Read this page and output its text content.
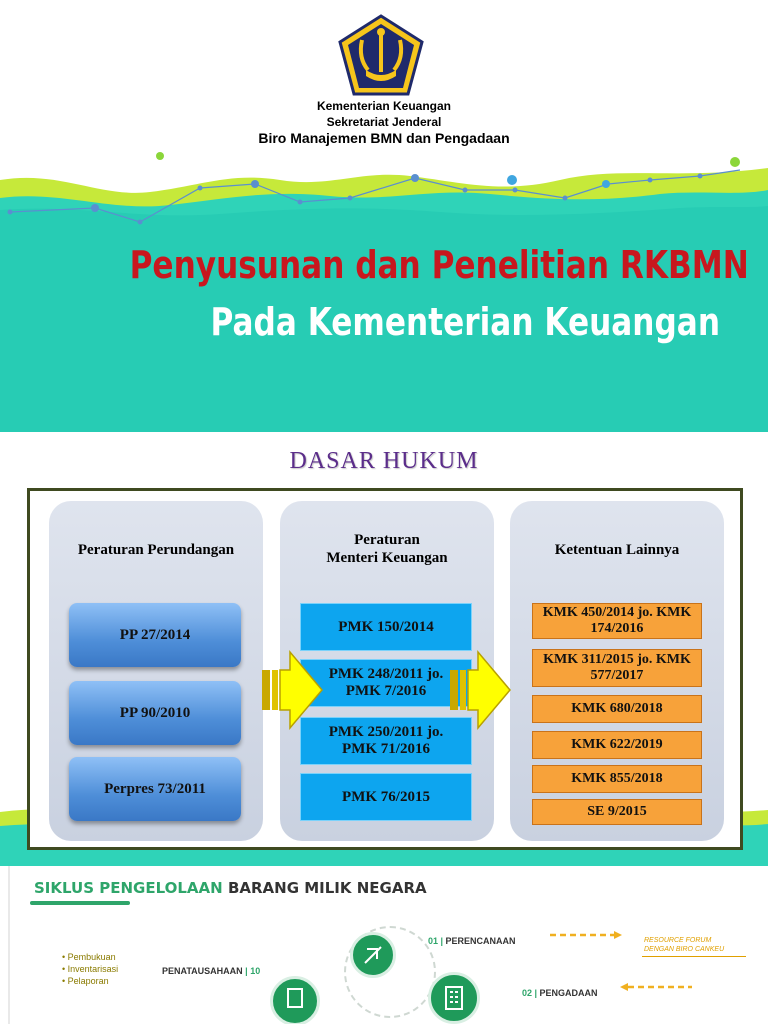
Kementerian Keuangan
Sekretariat Jenderal
Biro Manajemen BMN dan Pengadaan
Penyusunan dan Penelitian RKBMN
Pada Kementerian Keuangan
DASAR HUKUM
Peraturan Perundangan
PP 27/2014
PP 90/2010
Perpres 73/2011
Peraturan
Menteri Keuangan
PMK 150/2014
PMK 248/2011 jo.
PMK 7/2016
PMK 250/2011 jo.
PMK 71/2016
PMK 76/2015
Ketentuan Lainnya
KMK 450/2014 jo. KMK
174/2016
KMK 311/2015 jo. KMK
577/2017
KMK 680/2018
KMK 622/2019
KMK 855/2018
SE 9/2015
SIKLUS PENGELOLAAN BARANG MILIK NEGARA
• Pembukuan
• Inventarisasi
• Pelaporan
PENATAUSAHAAN | 10
01 | PERENCANAAN
02 | PENGADAAN
RESOURCE FORUM
DENGAN BIRO CANKEU
